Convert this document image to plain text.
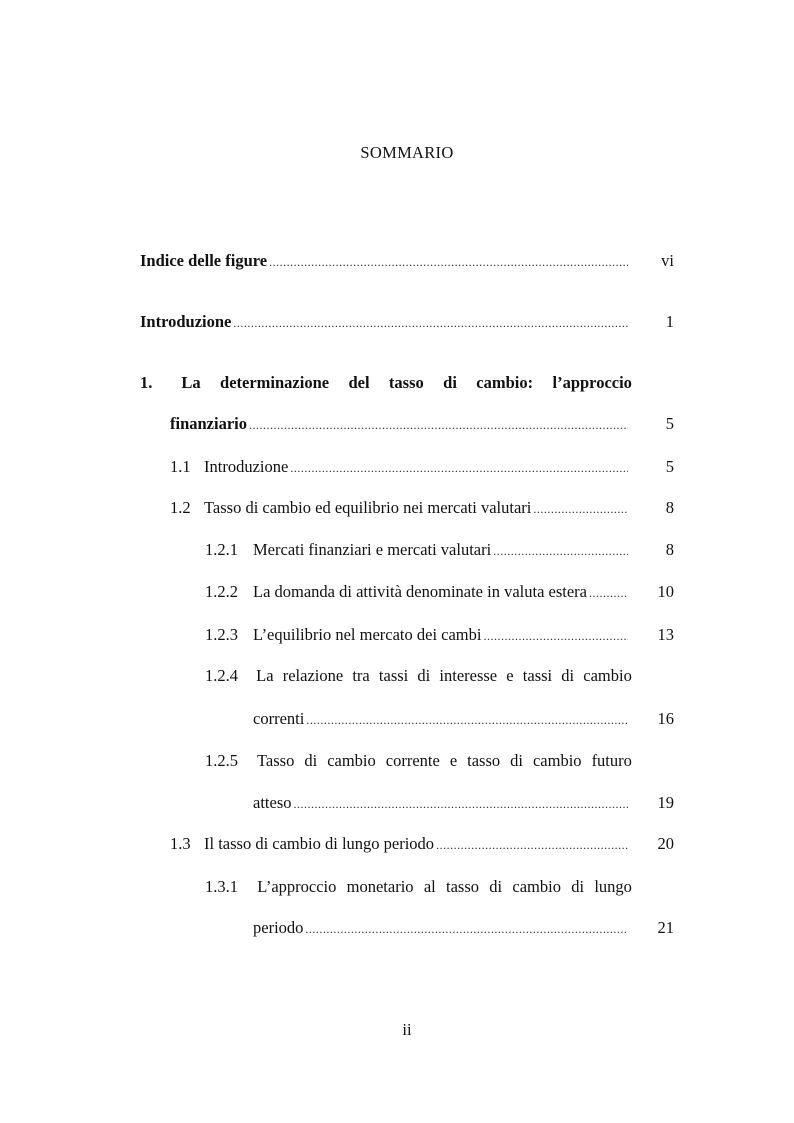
SOMMARIO
Indice delle figure .....	vi
Introduzione .....	1
1.	La determinazione del tasso di cambio: l’approccio
finanziario .....	5
1.1 Introduzione .....	5
1.2 Tasso di cambio ed equilibrio nei mercati valutari .....	8
1.2.1 Mercati finanziari e mercati valutari .....	8
1.2.2 La domanda di attività denominate in valuta estera .....	10
1.2.3 L’equilibrio nel mercato dei cambi .....	13
1.2.4	La relazione tra tassi di interesse e tassi di cambio
correnti .....	16
1.2.5	Tasso di cambio corrente e tasso di cambio futuro
atteso .....	19
1.3 Il tasso di cambio di lungo periodo .....	20
1.3.1	L’approccio monetario al tasso di cambio di lungo
periodo .....	21
ii
